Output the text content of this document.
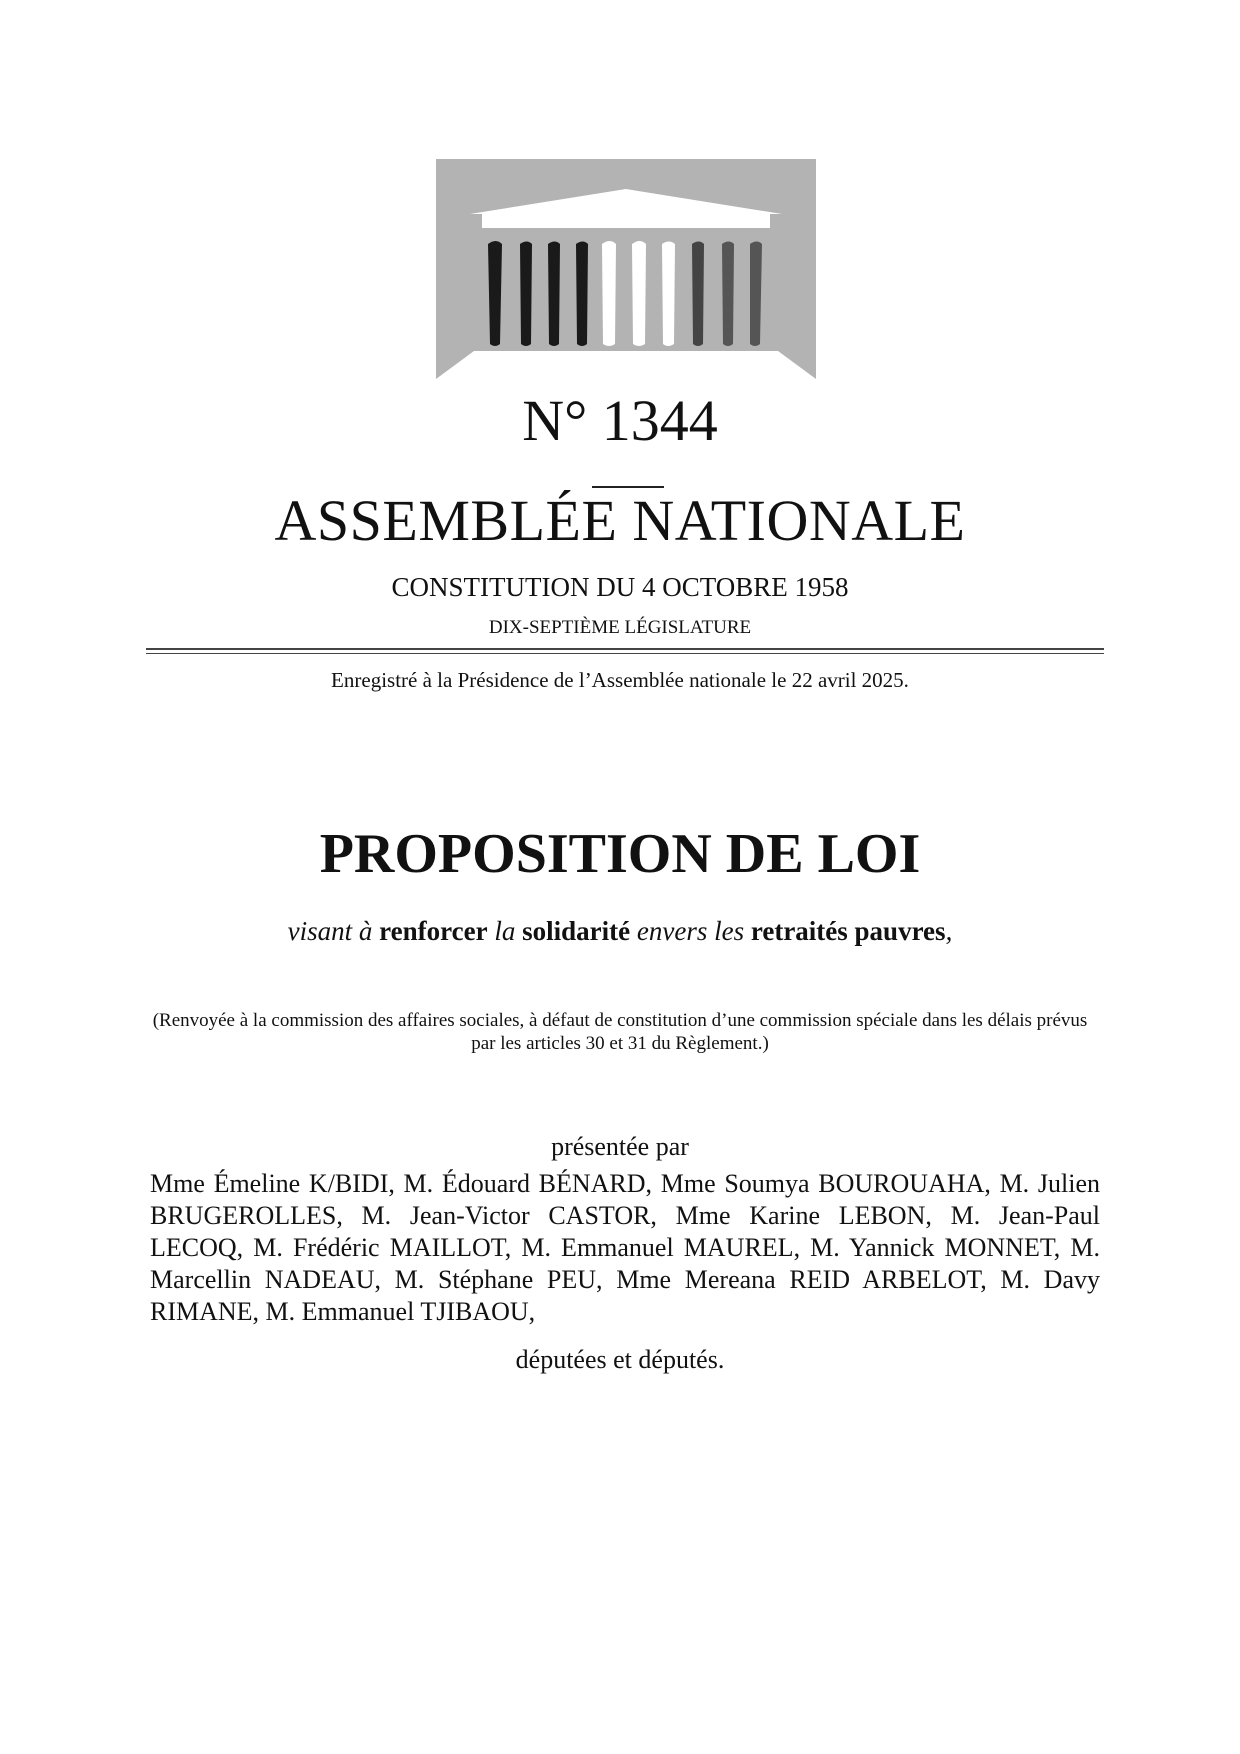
N° 1344
ASSEMBLÉE NATIONALE
CONSTITUTION DU 4 OCTOBRE 1958
DIX-SEPTIÈME LÉGISLATURE
Enregistré à la Présidence de l’Assemblée nationale le 22 avril 2025.
PROPOSITION DE LOI
visant à renforcer la solidarité envers les retraités pauvres,
(Renvoyée à la commission des affaires sociales, à défaut de constitution d’une commission spéciale dans les délais prévus par les articles 30 et 31 du Règlement.)
présentée par
Mme Émeline K/BIDI, M. Édouard BÉNARD, Mme Soumya BOUROUAHA, M. Julien BRUGEROLLES, M. Jean-Victor CASTOR, Mme Karine LEBON, M. Jean-Paul LECOQ, M. Frédéric MAILLOT, M. Emmanuel MAUREL, M. Yannick MONNET, M. Marcellin NADEAU, M. Stéphane PEU, Mme Mereana REID ARBELOT, M. Davy RIMANE, M. Emmanuel TJIBAOU,
députées et députés.
